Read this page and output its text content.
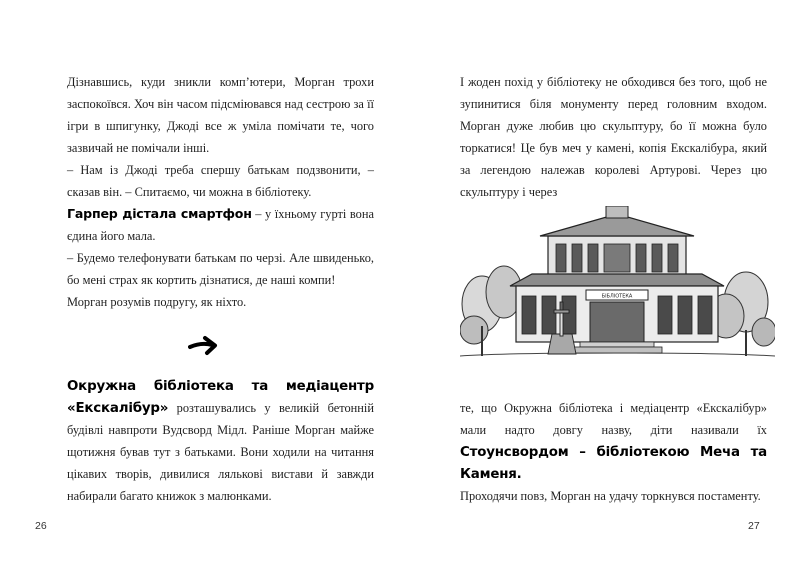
Дізнавшись, куди зникли комп’ютери, Морган трохи заспокоївся. Хоч він часом підсміювався над сестрою за її ігри в шпигунку, Джоді все ж уміла помічати те, чого зазвичай не помічали інші.

– Нам із Джоді треба спершу батькам подзвонити, – сказав він. – Спитаємо, чи можна в бібліотеку.

Гарпер дістала смартфон – у їхньому гурті вона єдина його мала.

– Будемо телефонувати батькам по черзі. Але швиденько, бо мені страх як кортить дізнатися, де наші компи!

Морган розумів подругу, як ніхто.

Окружна бібліотека та медіацентр «Екскалібур» розташувались у великій бетонній будівлі навпроти Вудсворд Мідл. Раніше Морган майже щотижня бував тут з батьками. Вони ходили на читання цікавих творів, дивилися лялькові вистави й завжди набирали багато книжок з малюнками.

26

І жоден похід у бібліотеку не обходився без того, щоб не зупинитися біля монументу перед головним входом. Морган дуже любив цю скульптуру, бо її можна було торкатися! Це був меч у камені, копія Екскалібура, який за легендою належав королеві Артурові. Через цю скульптуру і через

БІБЛІОТЕКА

те, що Окружна бібліотека і медіацентр «Екскалібур» мали надто довгу назву, діти називали їх Стоунсвордом – бібліотекою Меча та Каменя.

Проходячи повз, Морган на удачу торкнувся постаменту.

27
